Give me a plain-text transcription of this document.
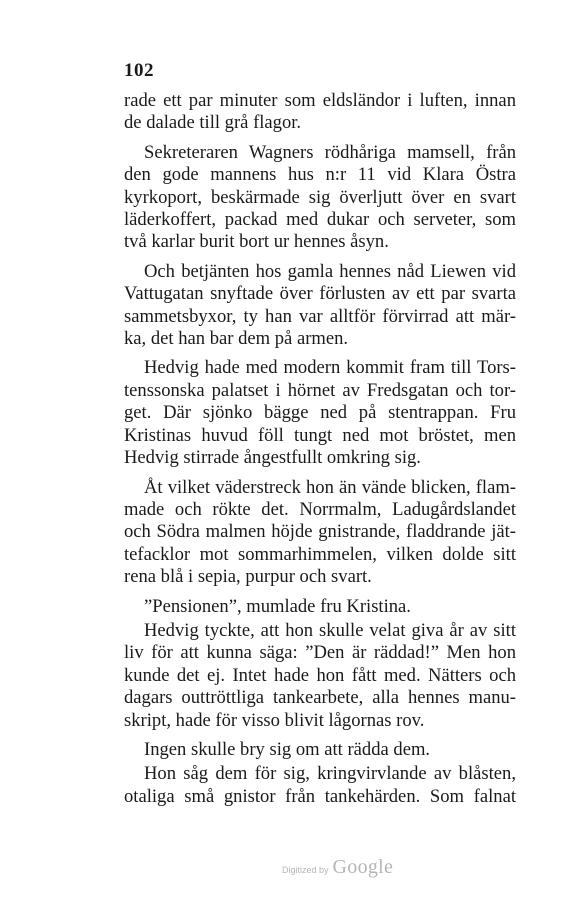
102
rade ett par minuter som eldsländor i luften, innan
de dalade till grå flagor.
Sekreteraren Wagners rödhåriga mamsell, från
den gode mannens hus n:r 11 vid Klara Östra
kyrkoport, beskärmade sig överljutt över en svart
läderkoffert, packad med dukar och serveter, som
två karlar burit bort ur hennes åsyn.
Och betjänten hos gamla hennes nåd Liewen vid
Vattugatan snyftade över förlusten av ett par svarta
sammetsbyxor, ty han var alltför förvirrad att mär-
ka, det han bar dem på armen.
Hedvig hade med modern kommit fram till Tors-
tenssonska palatset i hörnet av Fredsgatan och tor-
get. Där sjönko bägge ned på stentrappan. Fru
Kristinas huvud föll tungt ned mot bröstet, men
Hedvig stirrade ångestfullt omkring sig.
Åt vilket väderstreck hon än vände blicken, flam-
made och rökte det. Norrmalm, Ladugårdslandet
och Södra malmen höjde gnistrande, fladdrande jät-
tefacklor mot sommarhimmelen, vilken dolde sitt
rena blå i sepia, purpur och svart.
”Pensionen”, mumlade fru Kristina.
Hedvig tyckte, att hon skulle velat giva år av sitt
liv för att kunna säga: ”Den är räddad!” Men hon
kunde det ej. Intet hade hon fått med. Nätters och
dagars outtröttliga tankearbete, alla hennes manu-
skript, hade för visso blivit lågornas rov.
Ingen skulle bry sig om att rädda dem.
Hon såg dem för sig, kringvirvlande av blåsten,
otaliga små gnistor från tankehärden. Som falnat
Digitized by Google
